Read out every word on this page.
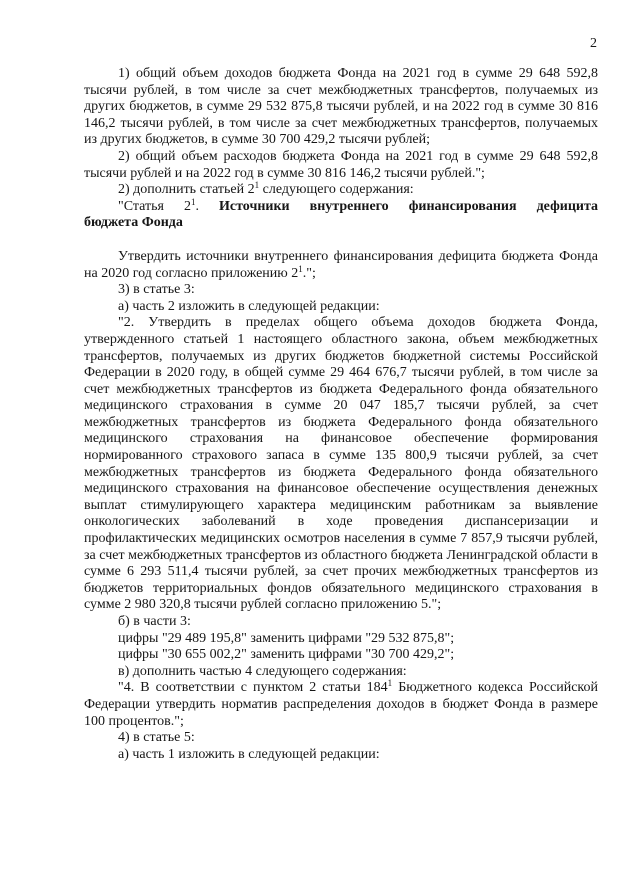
2

1) общий объем доходов бюджета Фонда на 2021 год в сумме 29 648 592,8 тысячи рублей, в том числе за счет межбюджетных трансфертов, получаемых из других бюджетов, в сумме 29 532 875,8 тысячи рублей, и на 2022 год в сумме 30 816 146,2 тысячи рублей, в том числе за счет межбюджетных трансфертов, получаемых из других бюджетов, в сумме 30 700 429,2 тысячи рублей;

2) общий объем расходов бюджета Фонда на 2021 год в сумме 29 648 592,8 тысячи рублей и на 2022 год в сумме 30 816 146,2 тысячи рублей.";

2) дополнить статьей $2^1$ следующего содержания:

"Статья $2^1$. Источники внутреннего финансирования дефицита

бюджета Фонда

Утвердить источники внутреннего финансирования дефицита бюджета Фонда на 2020 год согласно приложению $2^1$.";

3) в статье 3:

а) часть 2 изложить в следующей редакции:

"2. Утвердить в пределах общего объема доходов бюджета Фонда, утвержденного статьей 1 настоящего областного закона, объем межбюджетных трансфертов, получаемых из других бюджетов бюджетной системы Российской Федерации в 2020 году, в общей сумме 29 464 676,7 тысячи рублей, в том числе за счет межбюджетных трансфертов из бюджета Федерального фонда обязательного медицинского страхования в сумме 20 047 185,7 тысячи рублей, за счет межбюджетных трансфертов из бюджета Федерального фонда обязательного медицинского страхования на финансовое обеспечение формирования нормированного страхового запаса в сумме 135 800,9 тысячи рублей, за счет межбюджетных трансфертов из бюджета Федерального фонда обязательного медицинского страхования на финансовое обеспечение осуществления денежных выплат стимулирующего характера медицинским работникам за выявление онкологических заболеваний в ходе проведения диспансеризации и профилактических медицинских осмотров населения в сумме 7 857,9 тысячи рублей, за счет межбюджетных трансфертов из областного бюджета Ленинградской области в сумме 6 293 511,4 тысячи рублей, за счет прочих межбюджетных трансфертов из бюджетов территориальных фондов обязательного медицинского страхования в сумме 2 980 320,8 тысячи рублей согласно приложению 5.";

б) в части 3:

цифры "29 489 195,8" заменить цифрами "29 532 875,8";

цифры "30 655 002,2" заменить цифрами "30 700 429,2";

в) дополнить частью 4 следующего содержания:

"4. В соответствии с пунктом 2 статьи $184^1$ Бюджетного кодекса Российской Федерации утвердить норматив распределения доходов в бюджет Фонда в размере 100 процентов.";

4) в статье 5:

а) часть 1 изложить в следующей редакции:
